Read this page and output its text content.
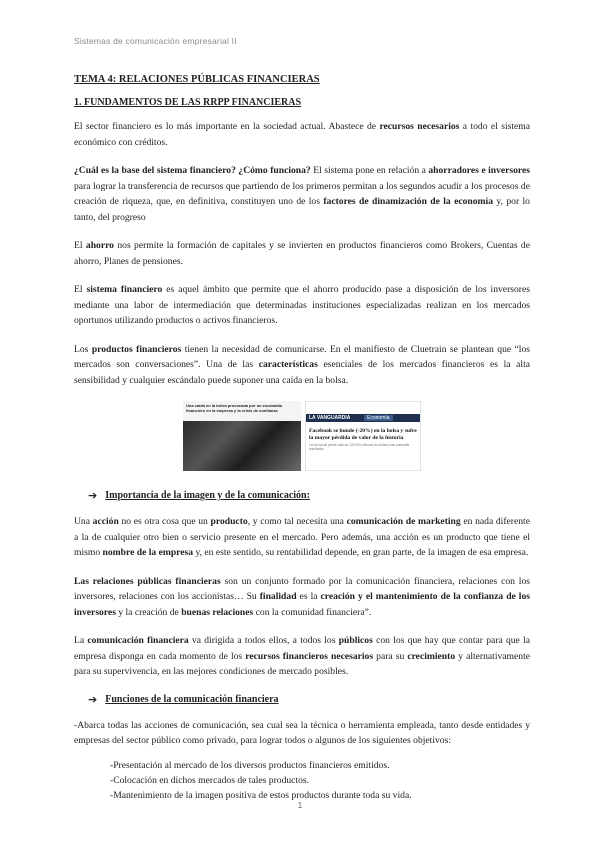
Sistemas de comunicación empresarial II
TEMA 4: RELACIONES PÚBLICAS FINANCIERAS
1. FUNDAMENTOS DE LAS RRPP FINANCIERAS

El sector financiero es lo más importante en la sociedad actual. Abastece de recursos necesarios a todo el sistema económico con créditos.

¿Cuál es la base del sistema financiero? ¿Cómo funciona? El sistema pone en relación a ahorradores e inversores para lograr la transferencia de recursos que partiendo de los primeros permitan a los segundos acudir a los procesos de creación de riqueza, que, en definitiva, constituyen uno de los factores de dinamización de la economía y, por lo tanto, del progreso

El ahorro nos permite la formación de capitales y se invierten en productos financieros como Brokers, Cuentas de ahorro, Planes de pensiones.

El sistema financiero es aquel ámbito que permite que el ahorro producido pase a disposición de los inversores mediante una labor de intermediación que determinadas instituciones especializadas realizan en los mercados oportunos utilizando productos o activos financieros.

Los productos financieros tienen la necesidad de comunicarse. En el manifiesto de Cluetrain se plantean que “los mercados son conversaciones”. Una de las características esenciales de los mercados financieros es la alta sensibilidad y cualquier escándalo puede suponer una caída en la bolsa.

Una caída en la bolsa provocada por un escándalo financiero en la empresa y la crisis de confianza
LA VANGUARDIA	Economía
Facebook se hunde (-20%) en la bolsa y sufre la mayor pérdida de valor de la historia
La red social pierde más de 120.000 millones de dólares tras presentar resultados
➔ Importancia de la imagen y de la comunicación:

Una acción no es otra cosa que un producto, y como tal necesita una comunicación de marketing en nada diferente a la de cualquier otro bien o servicio presente en el mercado. Pero además, una acción es un producto que tiene el mismo nombre de la empresa y, en este sentido, su rentabilidad depende, en gran parte, de la imagen de esa empresa.

Las relaciones públicas financieras son un conjunto formado por la comunicación financiera, relaciones con los inversores, relaciones con los accionistas… Su finalidad es la creación y el mantenimiento de la confianza de los inversores y la creación de buenas relaciones con la comunidad financiera”.

La comunicación financiera va dirigida a todos ellos, a todos los públicos con los que hay que contar para que la empresa disponga en cada momento de los recursos financieros necesarios para su crecimiento y alternativamente para su supervivencia, en las mejores condiciones de mercado posibles.

➔ Funciones de la comunicación financiera

-Abarca todas las acciones de comunicación, sea cual sea la técnica o herramienta empleada, tanto desde entidades y empresas del sector público como privado, para lograr todos o algunos de los siguientes objetivos:

-Presentación al mercado de los diversos productos financieros emitidos.
-Colocación en dichos mercados de tales productos.
-Mantenimiento de la imagen positiva de estos productos durante toda su vida.
1
